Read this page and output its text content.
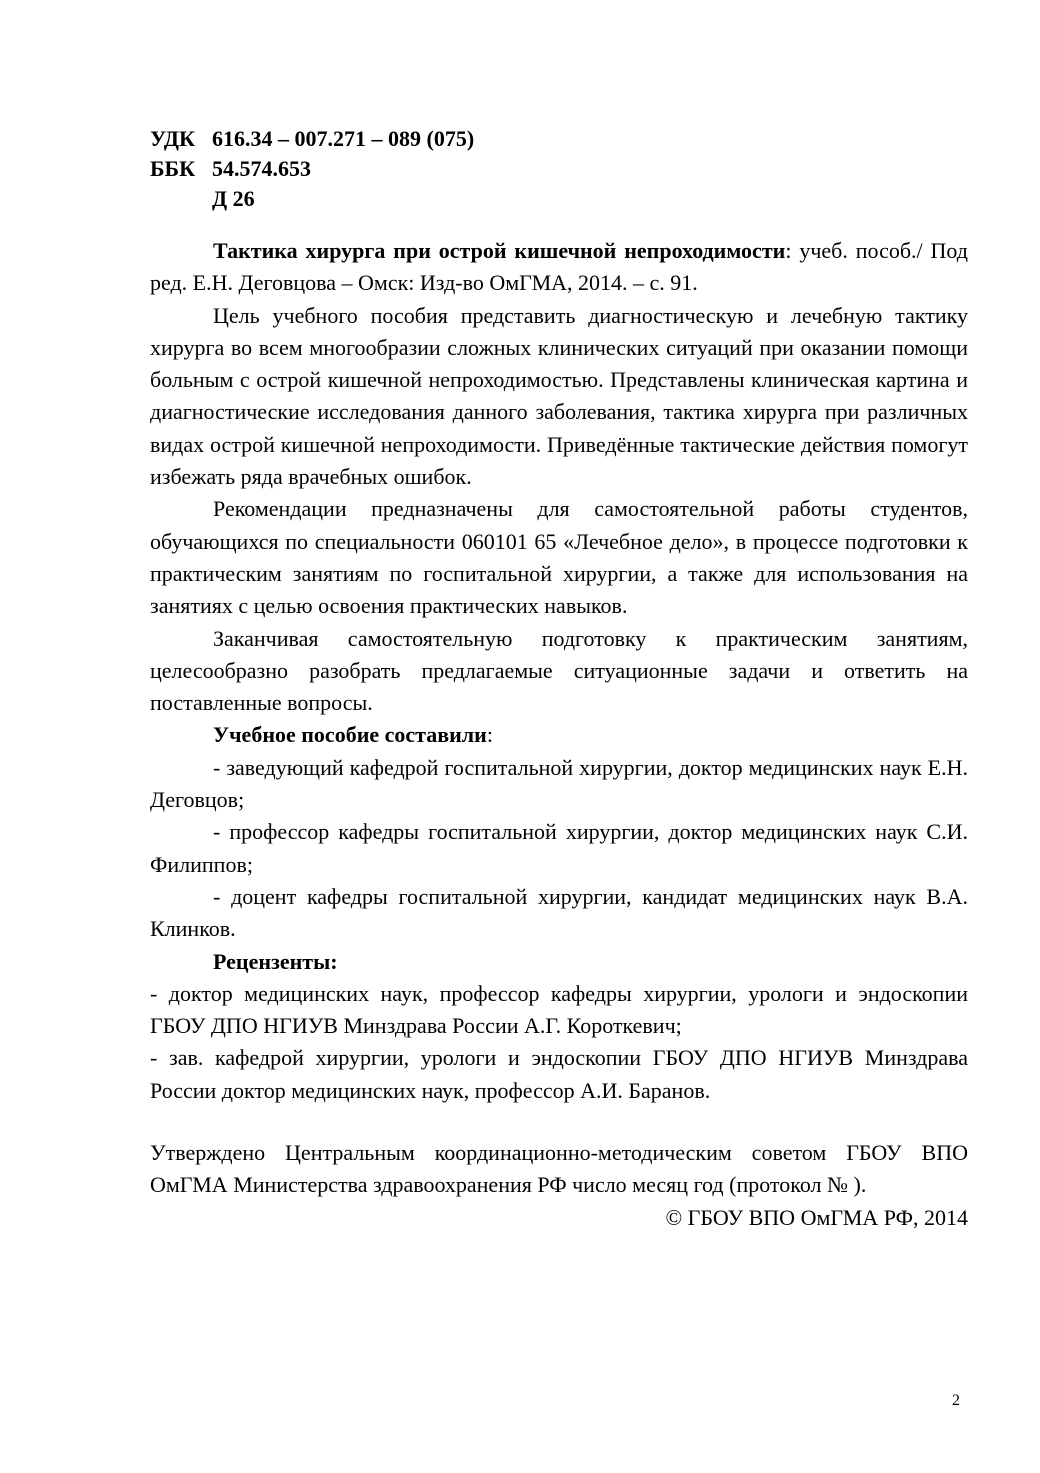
УДК 616.34 – 007.271 – 089 (075)
ББК 54.574.653
Д 26

Тактика хирурга при острой кишечной непроходимости: учеб. пособ./ Под ред. Е.Н. Деговцова – Омск: Изд-во ОмГМА, 2014. – с. 91.

Цель учебного пособия представить диагностическую и лечебную тактику хирурга во всем многообразии сложных клинических ситуаций при оказании помощи больным с острой кишечной непроходимостью. Представлены клиническая картина и диагностические исследования данного заболевания, тактика хирурга при различных видах острой кишечной непроходимости. Приведённые тактические действия помогут избежать ряда врачебных ошибок.

Рекомендации предназначены для самостоятельной работы студентов, обучающихся по специальности 060101 65 «Лечебное дело», в процессе подготовки к практическим занятиям по госпитальной хирургии, а также для использования на занятиях с целью освоения практических навыков.

Заканчивая самостоятельную подготовку к практическим занятиям, целесообразно разобрать предлагаемые ситуационные задачи и ответить на поставленные вопросы.

Учебное пособие составили:

- заведующий кафедрой госпитальной хирургии, доктор медицинских наук Е.Н. Деговцов;

- профессор кафедры госпитальной хирургии, доктор медицинских наук С.И. Филиппов;

- доцент кафедры госпитальной хирургии, кандидат медицинских наук В.А. Клинков.

Рецензенты:

- доктор медицинских наук, профессор кафедры хирургии, урологи и эндоскопии ГБОУ ДПО НГИУВ Минздрава России А.Г. Короткевич;

- зав. кафедрой хирургии, урологи и эндоскопии ГБОУ ДПО НГИУВ Минздрава России доктор медицинских наук, профессор А.И. Баранов.

Утверждено Центральным координационно-методическим советом ГБОУ ВПО ОмГМА Министерства здравоохранения РФ число месяц год (протокол № ).

© ГБОУ ВПО ОмГМА РФ, 2014

2
